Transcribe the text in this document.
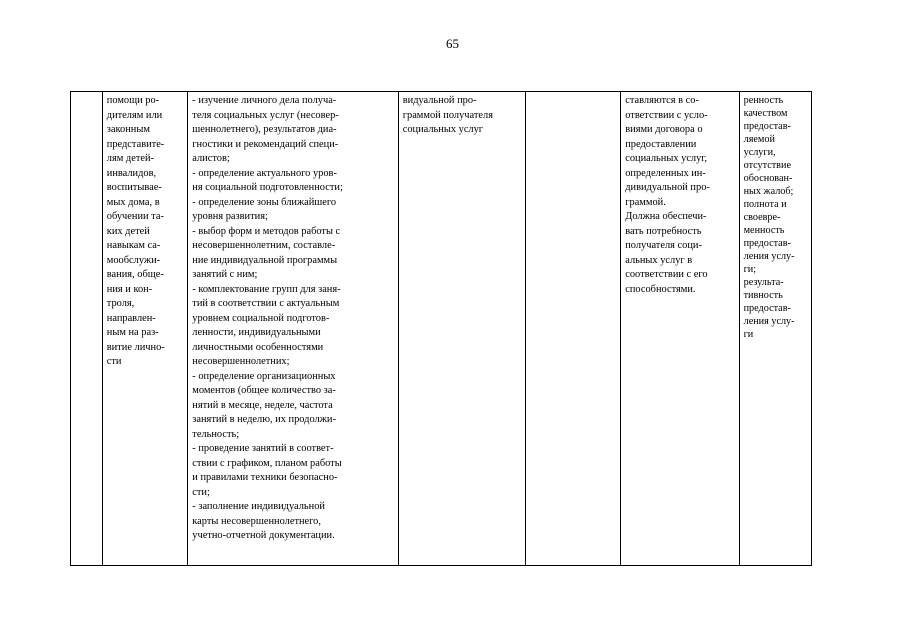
65

помощи ро-
дителям или
законным
представите-
лям детей-
инвалидов,
воспитывае-
мых дома, в
обучении та-
ких детей
навыкам са-
мообслужи-
вания, обще-
ния и кон-
троля,
направлен-
ным на раз-
витие лично-
сти

- изучение личного дела получа-
теля социальных услуг (несовер-
шеннолетнего), результатов диа-
гностики и рекомендаций специ-
алистов;
- определение актуального уров-
ня социальной подготовленности;
- определение зоны ближайшего
уровня развития;
- выбор форм и методов работы с
несовершеннолетним, составле-
ние индивидуальной программы
занятий с ним;
- комплектование групп для заня-
тий в соответствии с актуальным
уровнем социальной подготов-
ленности, индивидуальными
личностными особенностями
несовершеннолетних;
- определение организационных
моментов (общее количество за-
нятий в месяце, неделе, частота
занятий в неделю, их продолжи-
тельность;
- проведение занятий в соответ-
ствии с графиком, планом работы
и правилами техники безопасно-
сти;
- заполнение индивидуальной
карты несовершеннолетнего,
учетно-отчетной документации.

видуальной про-
граммой получателя
социальных услуг

ставляются в со-
ответствии с усло-
виями договора о
предоставлении
социальных услуг,
определенных ин-
дивидуальной про-
граммой.
Должна обеспечи-
вать потребность
получателя соци-
альных услуг в
соответствии с его
способностями.

ренность
качеством
предостав-
ляемой
услуги,
отсутствие
обоснован-
ных жалоб;
полнота и
своевре-
менность
предостав-
ления услу-
ги;
результа-
тивность
предостав-
ления услу-
ги
